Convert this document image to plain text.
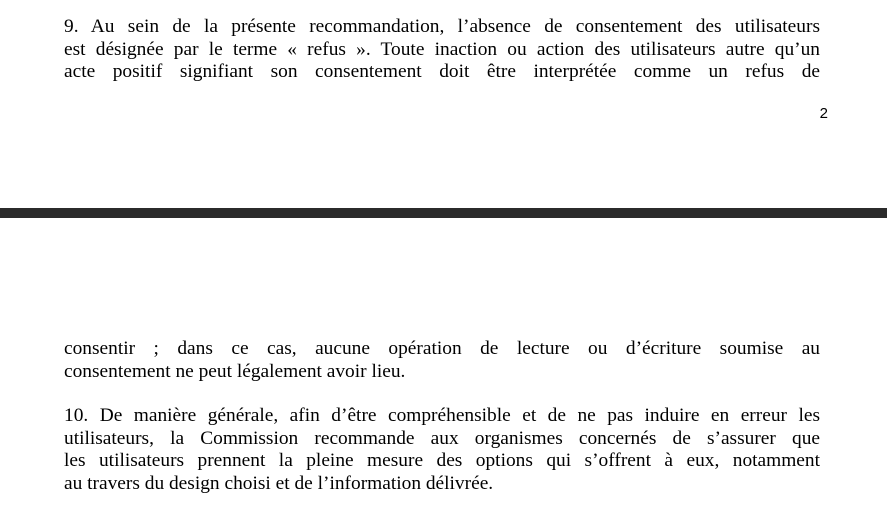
9. Au sein de la présente recommandation, l’absence de consentement des utilisateurs
est désignée par le terme « refus ». Toute inaction ou action des utilisateurs autre qu’un
acte positif signifiant son consentement doit être interprétée comme un refus de
2
consentir ; dans ce cas, aucune opération de lecture ou d’écriture soumise au
consentement ne peut légalement avoir lieu.
10. De manière générale, afin d’être compréhensible et de ne pas induire en erreur les
utilisateurs, la Commission recommande aux organismes concernés de s’assurer que
les utilisateurs prennent la pleine mesure des options qui s’offrent à eux, notamment
au travers du design choisi et de l’information délivrée.
